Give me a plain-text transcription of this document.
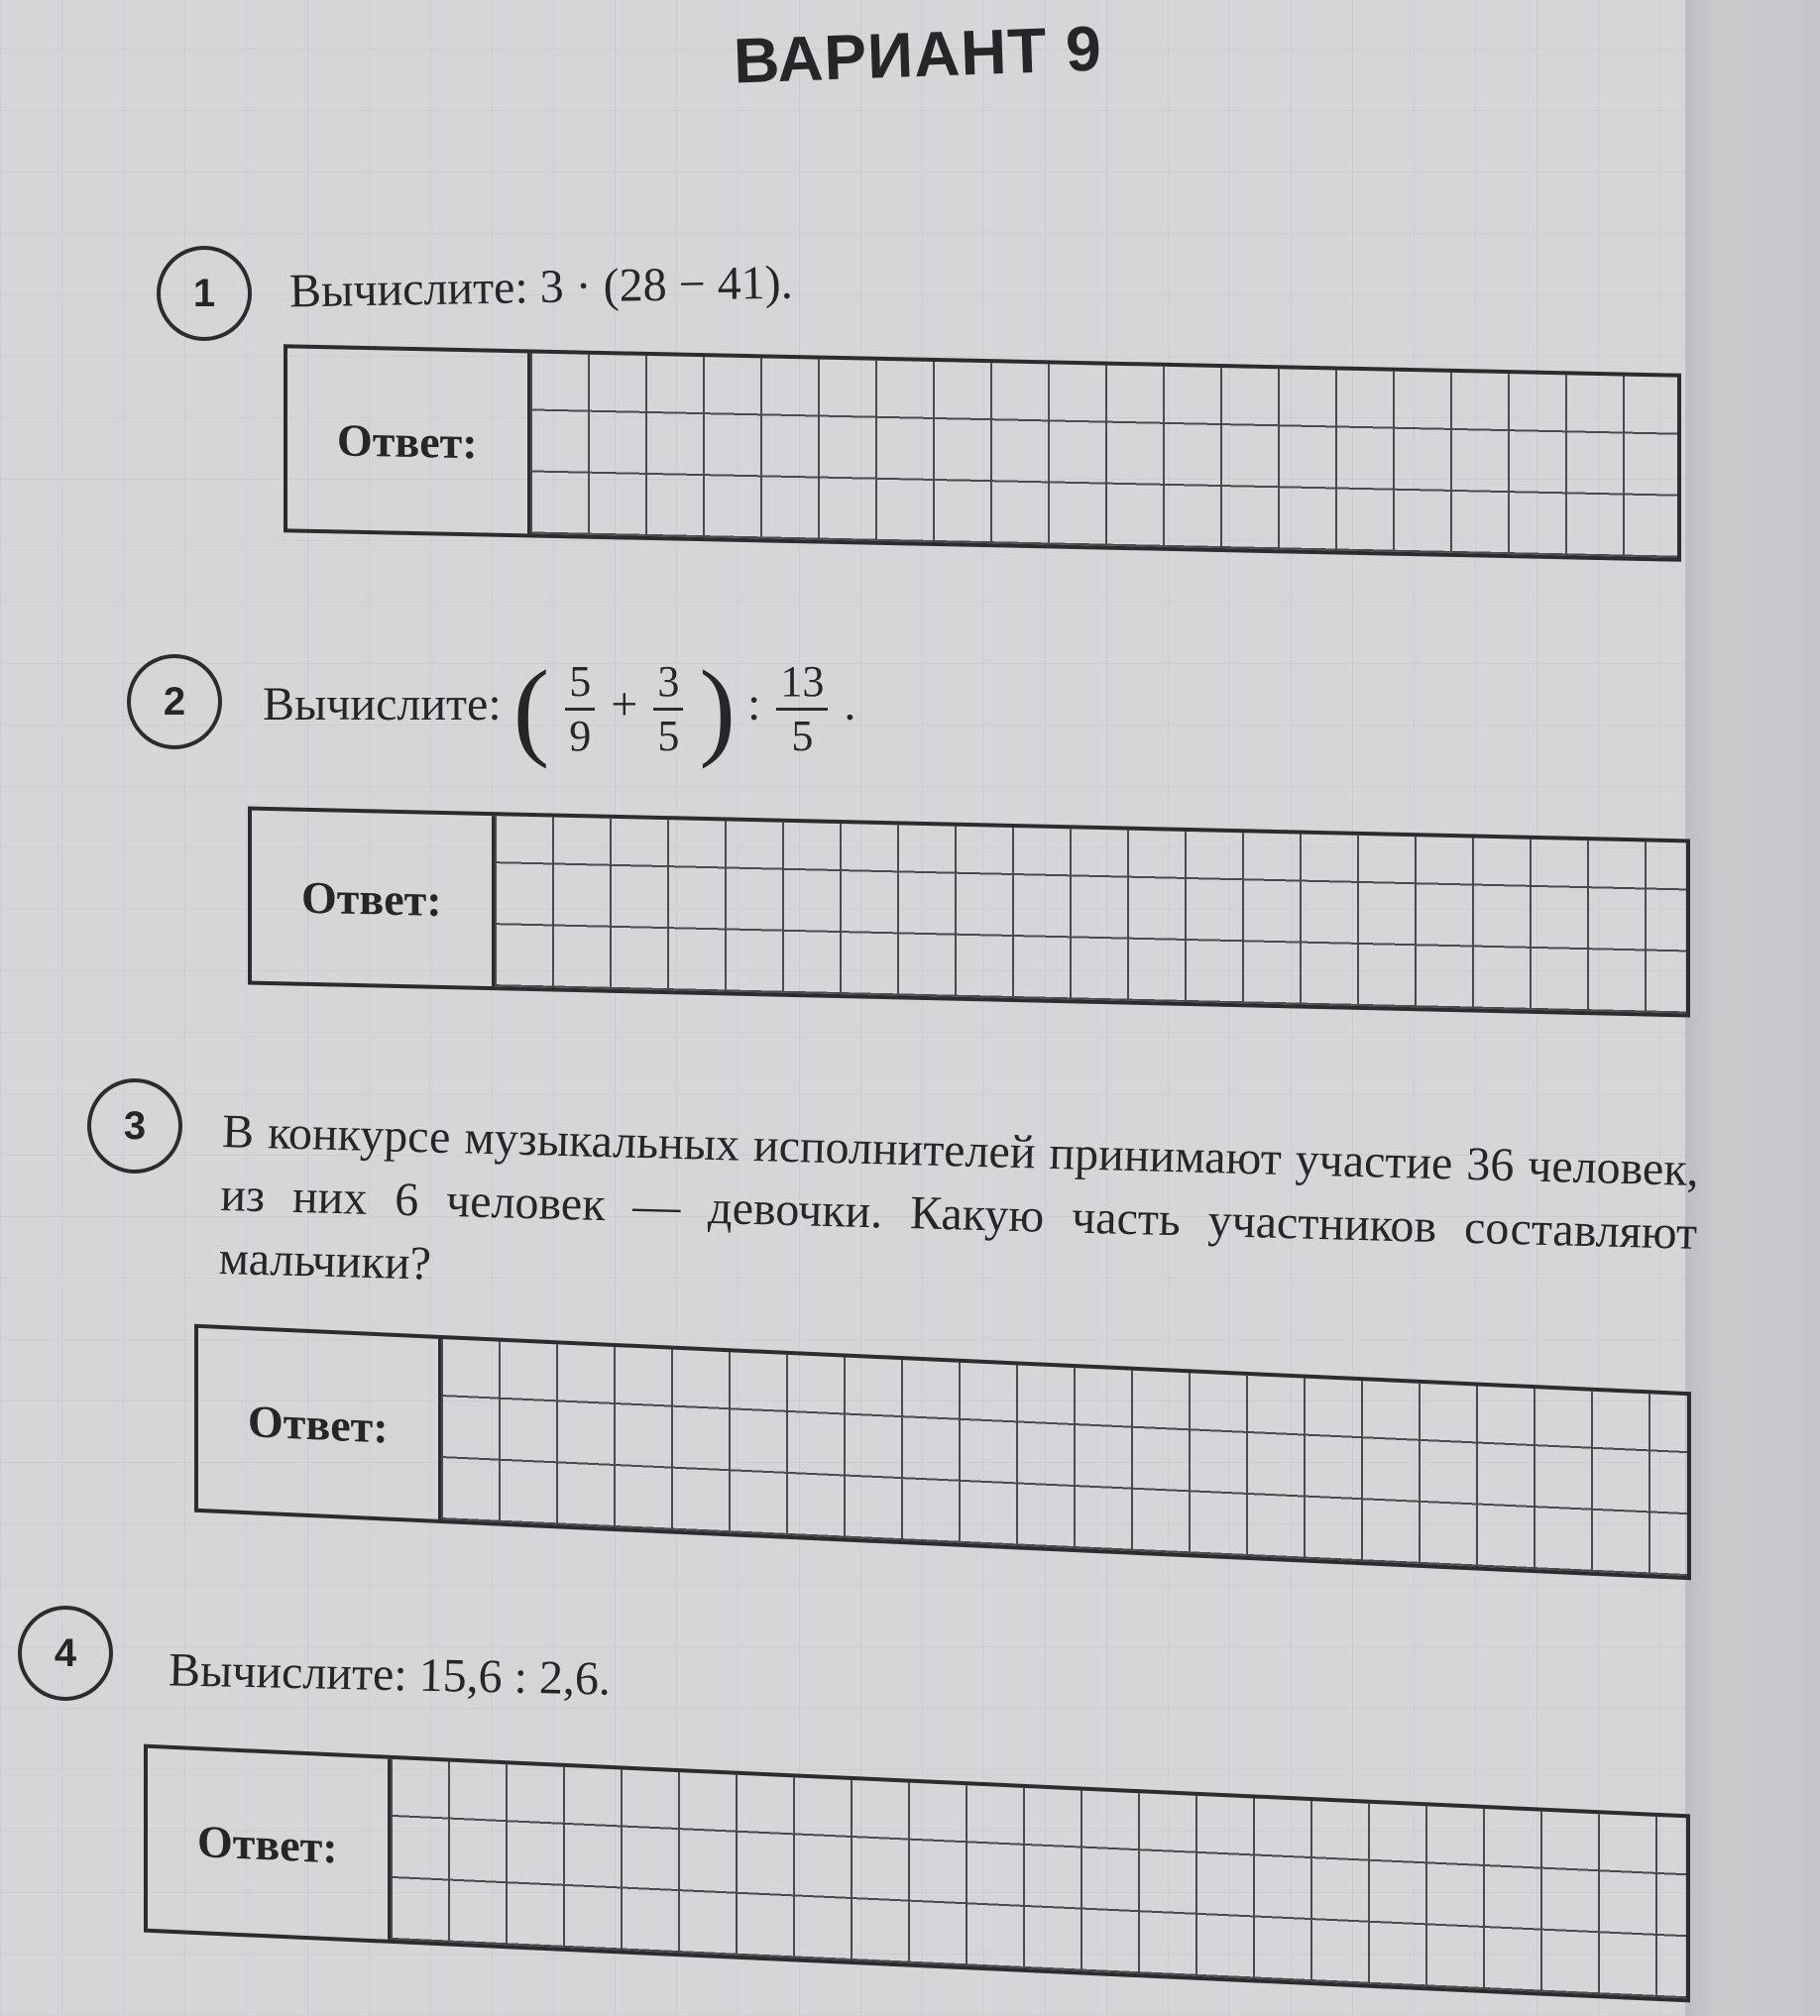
ВАРИАНТ 9
1 Вычислите: 3 · (28 − 41).
Ответ:
2 Вычислите: ( $\frac{5}{9} + \frac{3}{5}$ ) : $\frac{13}{5}$ .
Ответ:
3 В конкурсе музыкальных исполнителей принимают участие 36 человек, из них 6 человек — девочки. Какую часть участников составляют мальчики?
Ответ:
4 Вычислите: 15,6 : 2,6.
Ответ:
